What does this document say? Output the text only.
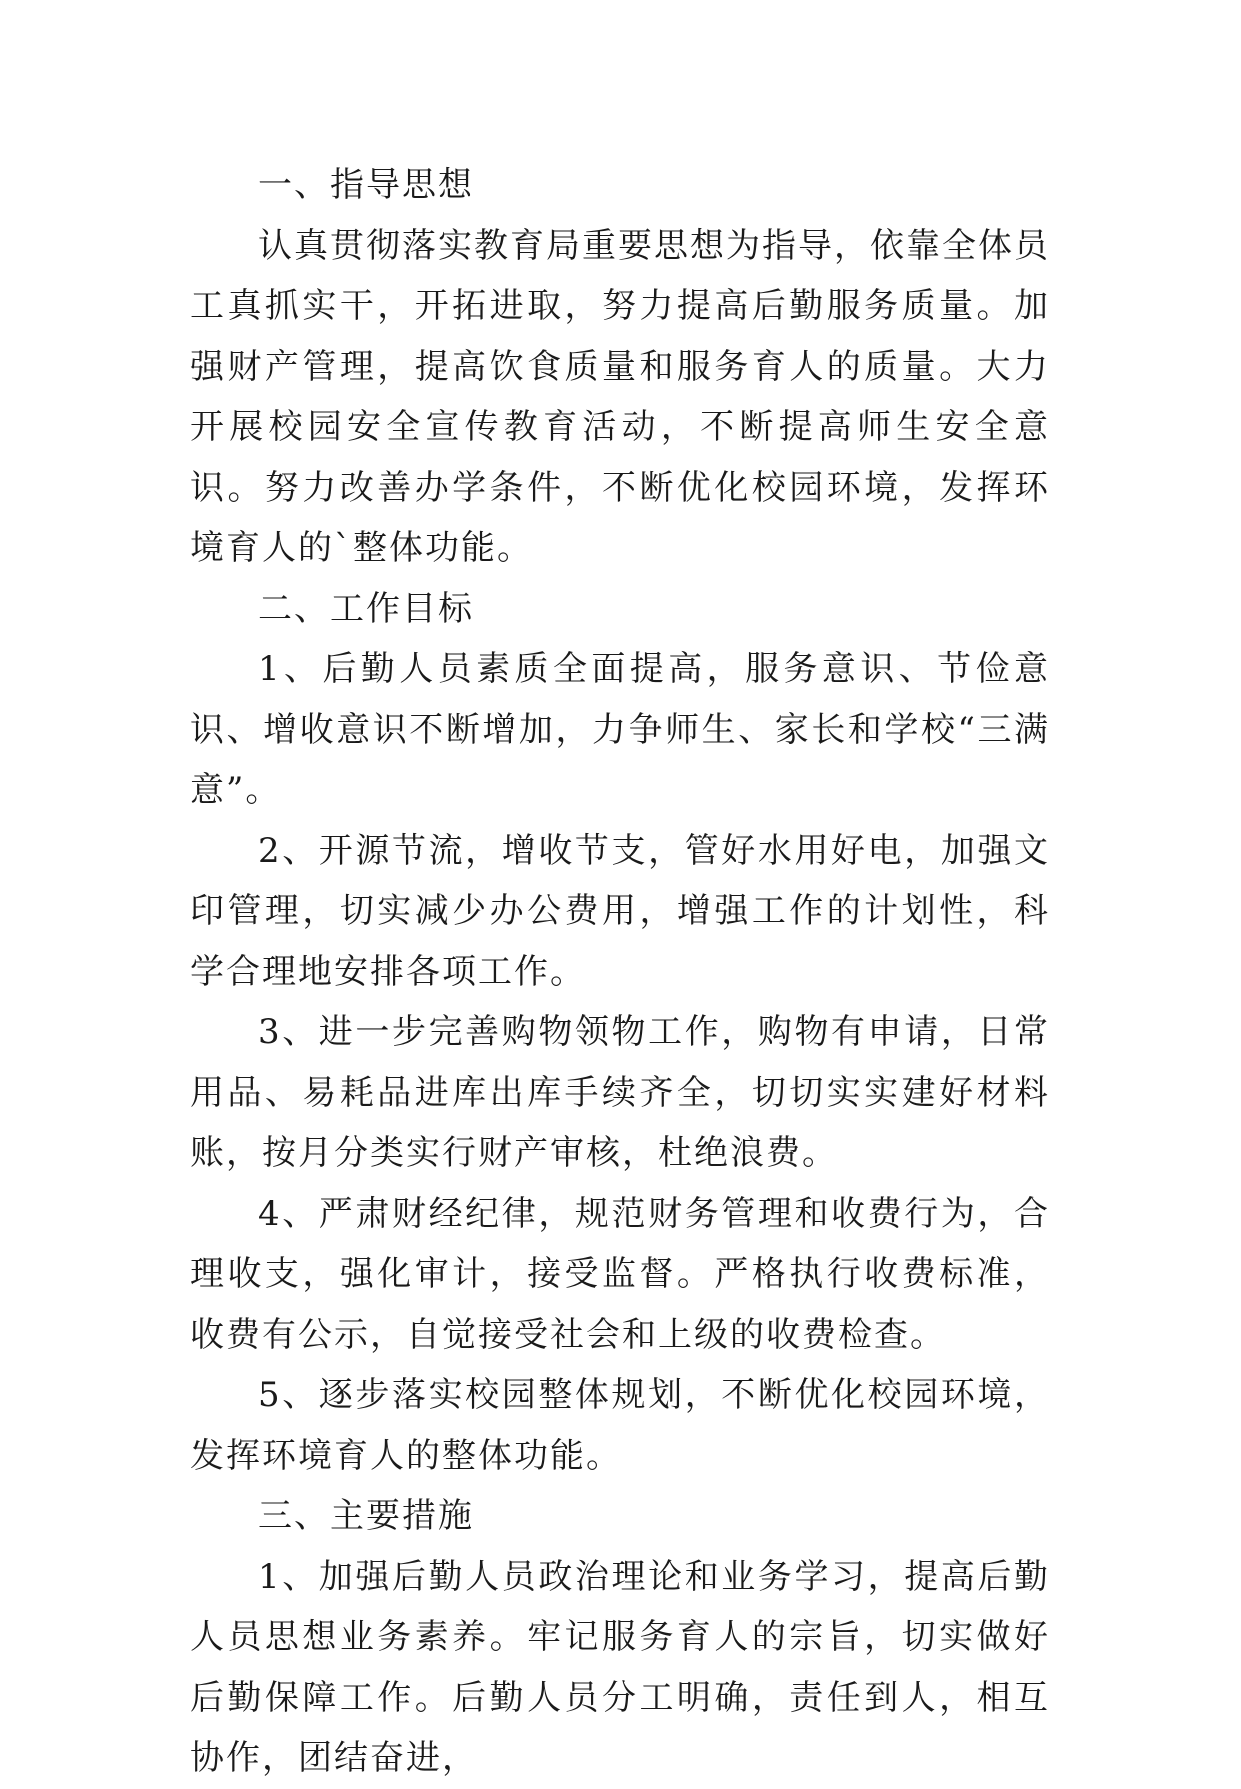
一、指导思想

认真贯彻落实教育局重要思想为指导，依靠全体员工真抓实干，开拓进取，努力提高后勤服务质量。加强财产管理，提高饮食质量和服务育人的质量。大力开展校园安全宣传教育活动，不断提高师生安全意识。努力改善办学条件，不断优化校园环境，发挥环境育人的`整体功能。

二、工作目标

1、后勤人员素质全面提高，服务意识、节俭意识、增收意识不断增加，力争师生、家长和学校“三满意”。

2、开源节流，增收节支，管好水用好电，加强文印管理，切实减少办公费用，增强工作的计划性，科学合理地安排各项工作。

3、进一步完善购物领物工作，购物有申请，日常用品、易耗品进库出库手续齐全，切切实实建好材料账，按月分类实行财产审核，杜绝浪费。

4、严肃财经纪律，规范财务管理和收费行为，合理收支，强化审计，接受监督。严格执行收费标准，收费有公示，自觉接受社会和上级的收费检查。

5、逐步落实校园整体规划，不断优化校园环境，发挥环境育人的整体功能。

三、主要措施

1、加强后勤人员政治理论和业务学习，提高后勤人员思想业务素养。牢记服务育人的宗旨，切实做好后勤保障工作。后勤人员分工明确，责任到人，相互协作，团结奋进，
